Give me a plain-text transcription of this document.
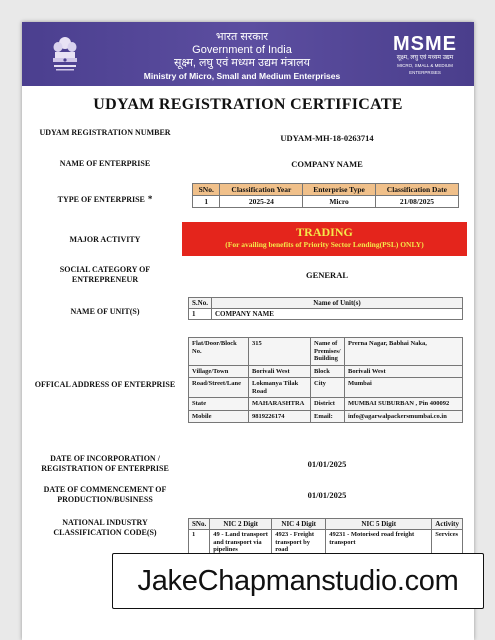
भारत सरकार
Government of India
सूक्ष्म, लघु एवं मध्यम उद्यम मंत्रालय
Ministry of Micro, Small and Medium Enterprises
MSME
सूक्ष्म, लघु एवं मध्यम उद्यम
MICRO, SMALL & MEDIUM ENTERPRISES
UDYAM REGISTRATION CERTIFICATE
UDYAM REGISTRATION NUMBER
UDYAM-MH-18-0263714
NAME OF ENTERPRISE	COMPANY NAME
TYPE OF ENTERPRISE *
SNo.	Classification Year	Enterprise Type	Classification Date
1	2025-24	Micro	21/08/2025
MAJOR ACTIVITY
TRADING
(For availing benefits of Priority Sector Lending(PSL) ONLY)
SOCIAL CATEGORY OF ENTREPRENEUR	GENERAL
NAME OF UNIT(S)
S.No.	Name of Unit(s)
1	COMPANY NAME
OFFICAL ADDRESS OF ENTERPRISE
Flat/Door/Block No.	315	Name of Premises/ Building	Prerna Nagar, Babhai Naka,
Village/Town	Borivali West	Block	Borivali West
Road/Street/Lane	Lokmanya Tilak Road	City	Mumbai
State	MAHARASHTRA	District	MUMBAI SUBURBAN , Pin 400092
Mobile	9819226174	Email:	info@agarwalpackersmumbai.co.in
DATE OF INCORPORATION / REGISTRATION OF ENTERPRISE	01/01/2025
DATE OF COMMENCEMENT OF PRODUCTION/BUSINESS	01/01/2025
NATIONAL INDUSTRY CLASSIFICATION CODE(S)
SNo.	NIC 2 Digit	NIC 4 Digit	NIC 5 Digit	Activity
1	49 - Land transport and transport via pipelines	4923 - Freight transport by road	49231 - Motorised road freight transport	Services

JakeChapmanstudio.com
